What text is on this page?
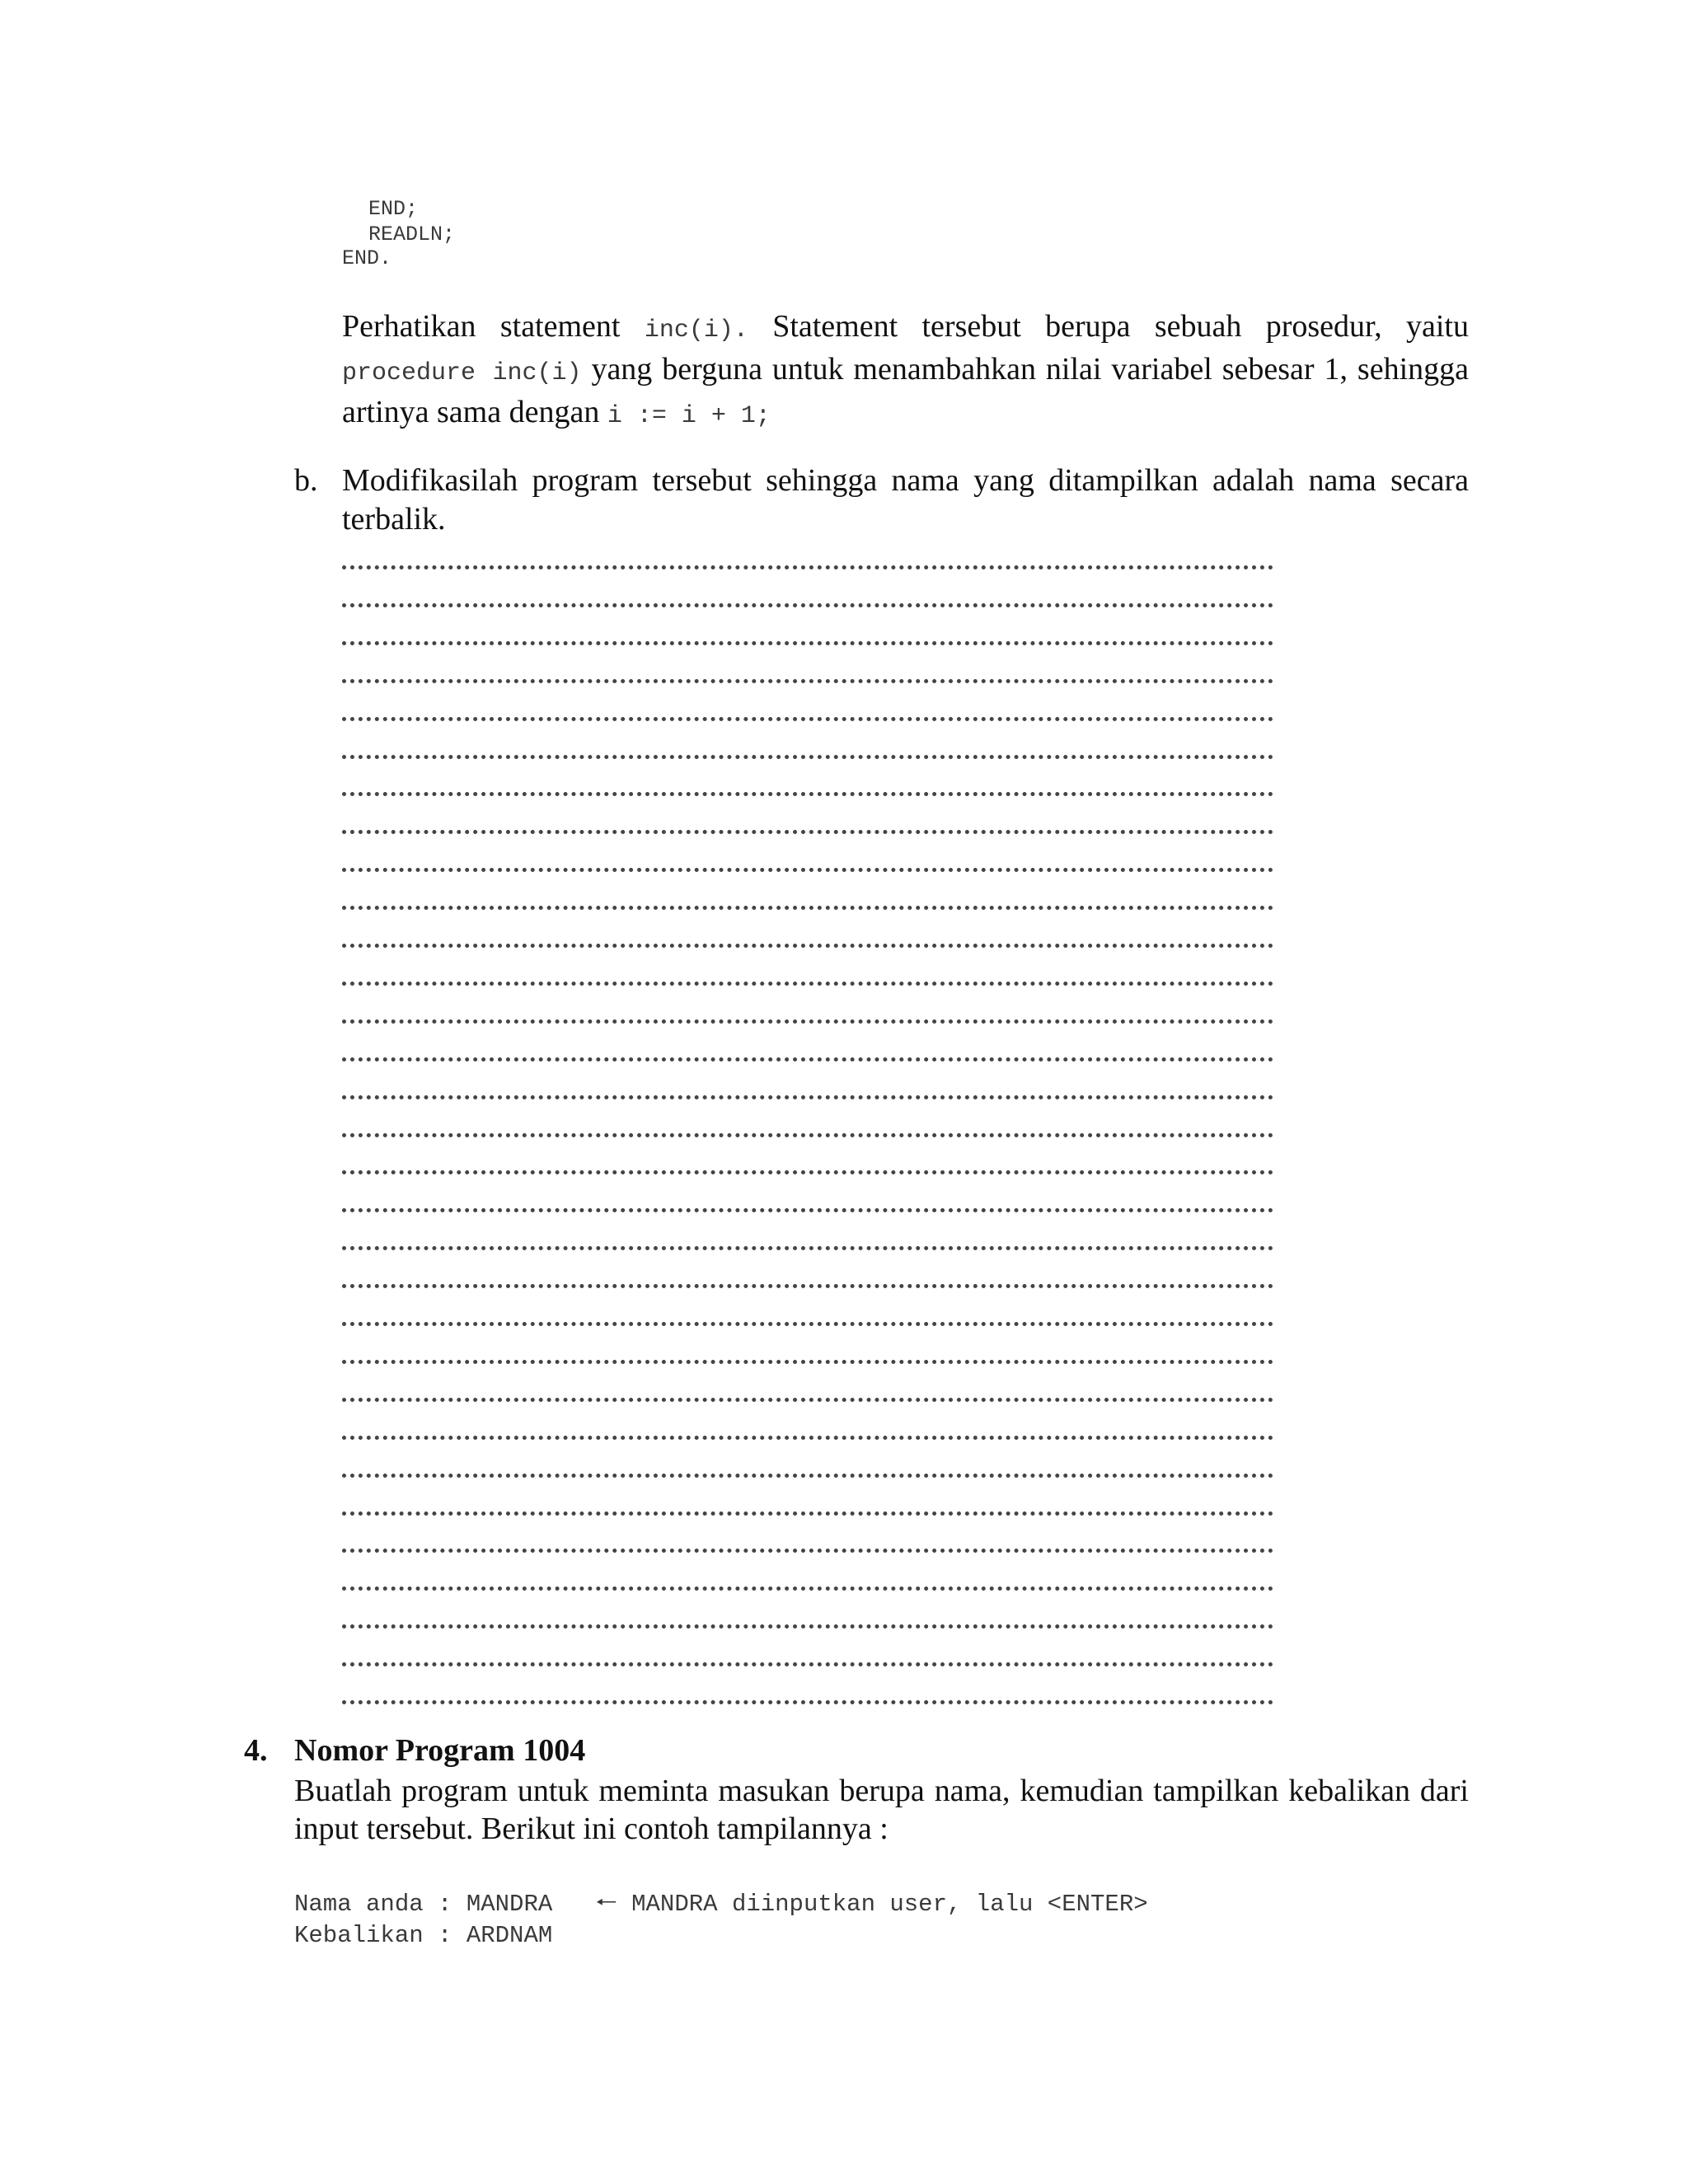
END;
READLN;
END.
Perhatikan statement inc(i). Statement tersebut berupa sebuah prosedur, yaitu procedure inc(i) yang berguna untuk menambahkan nilai variabel sebesar 1, sehingga artinya sama dengan i := i + 1;
b. Modifikasilah program tersebut sehingga nama yang ditampilkan adalah nama secara terbalik.
4. Nomor Program 1004
Buatlah program untuk meminta masukan berupa nama, kemudian tampilkan kebalikan dari input tersebut. Berikut ini contoh tampilannya :
Nama anda : MANDRA 🠐 MANDRA diinputkan user, lalu <ENTER>
Kebalikan : ARDNAM
